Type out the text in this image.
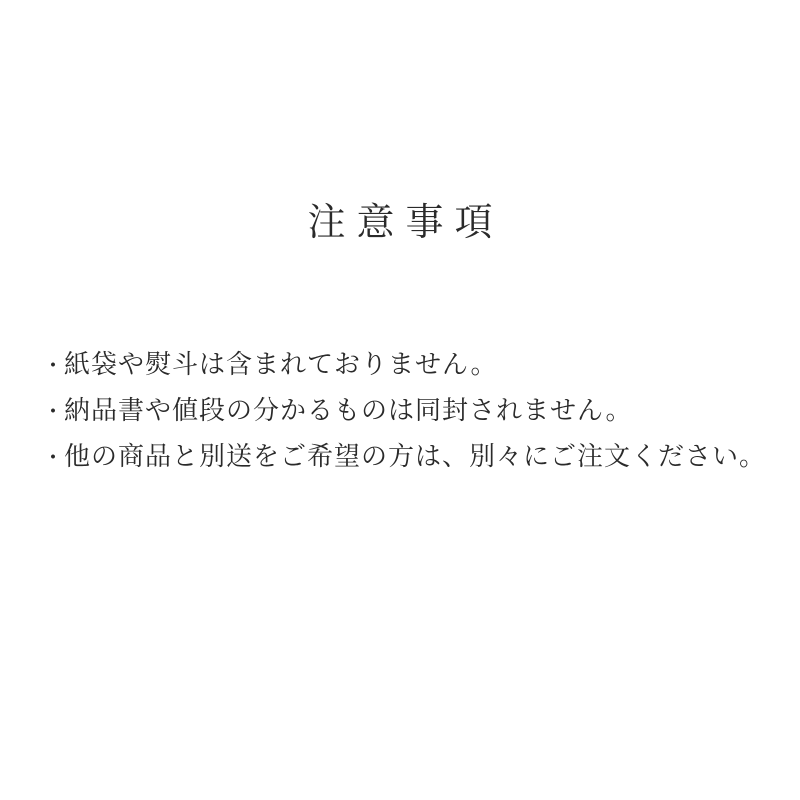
注意事項
・
紙袋や熨斗は含まれておりません。
・
納品書や値段の分かるものは同封されません。
・
他の商品と別送をご希望の方は、別々にご注文ください。
